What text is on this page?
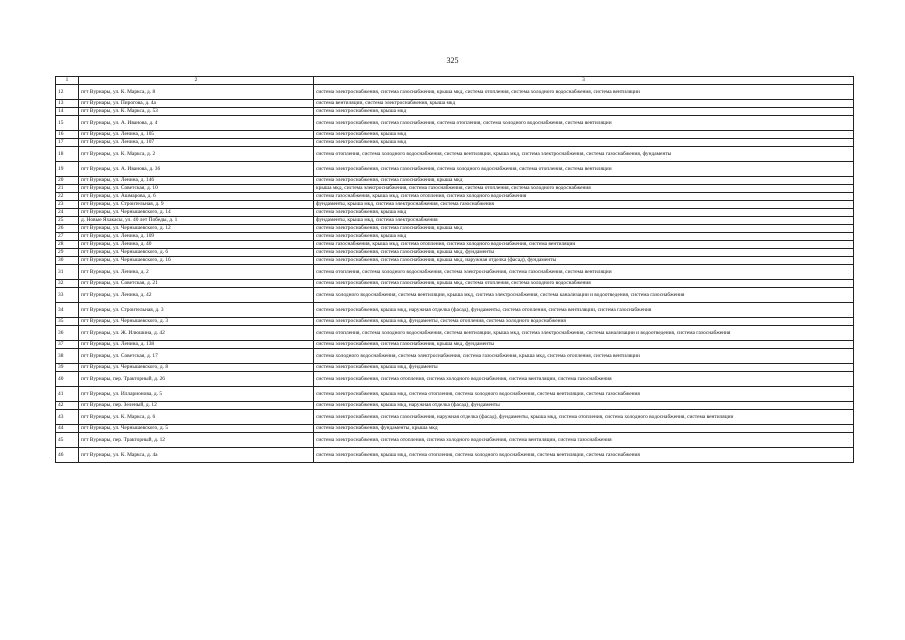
325
1	2	3
12	пгт Вурнары, ул. К. Маркса, д. 8	система электроснабжения, система газоснабжения, крыша мкд, система отопления, система холодного водоснабжения, система вентиляции
13	пгт Вурнары, ул. Пирогова, д. 4а	система вентиляции, система электроснабжения, крыша мкд
14	пгт Вурнары, ул. К. Маркса, д. 53	система электроснабжения, крыша мкд
15	пгт Вурнары, ул. А. Иванова, д. 4	система электроснабжения, система газоснабжения, система отопления, система холодного водоснабжения, система вентиляции
16	пгт Вурнары, ул. Ленина, д. 105	система электроснабжения, крыша мкд
17	пгт Вурнары, ул. Ленина, д. 107	система электроснабжения, крыша мкд
18	пгт Вурнары, ул. К. Маркса, д. 2	система отопления, система холодного водоснабжения, система вентиляции, крыша мкд, система электроснабжения, система газоснабжения, фундаменты
19	пгт Вурнары, ул. А. Иванова, д. 36	система электроснабжения, система газоснабжения, система холодного водоснабжения, система отопления, система вентиляции
20	пгт Вурнары, ул. Ленина, д. 146	система электроснабжения, система газоснабжения, крыша мкд
21	пгт Вурнары, ул. Советская, д. 10	крыша мкд, система электроснабжения, система газоснабжения, система отопления, система холодного водоснабжения
22	пгт Вурнары, ул. Ашмарова, д. 6	система газоснабжения, крыша мкд, система отопления, система холодного водоснабжения
23	пгт Вурнары, ул. Строительная, д. 9	фундаменты, крыша мкд, система электроснабжения, система газоснабжения
24	пгт Вурнары, ул. Чернышевского, д. 14	система электроснабжения, крыша мкд
25	д. Новые Яхакасы, ул. 40 лет Победы, д. 1	фундаменты, крыша мкд, система электроснабжения
26	пгт Вурнары, ул. Чернышевского, д. 12	система электроснабжения, система газоснабжения, крыша мкд
27	пгт Вурнары, ул. Ленина, д. 109	система электроснабжения, крыша мкд
28	пгт Вурнары, ул. Ленина, д. 40	система газоснабжения, крыша мкд, система отопления, система холодного водоснабжения, система вентиляции
29	пгт Вурнары, ул. Чернышевского, д. 6	система электроснабжения, система газоснабжения, крыша мкд, фундаменты
30	пгт Вурнары, ул. Чернышевского, д. 16	система электроснабжения, система газоснабжения, крыша мкд, наружная отделка (фасад), фундаменты
31	пгт Вурнары, ул. Ленина, д. 2	система отопления, система холодного водоснабжения, система электроснабжения, система газоснабжения, система вентиляции
32	пгт Вурнары, ул. Советская, д. 21	система электроснабжения, система газоснабжения, крыша мкд, система отопления, система холодного водоснабжения
33	пгт Вурнары, ул. Ленина, д. 42	система холодного водоснабжения, система вентиляции, крыша мкд, система электроснабжения, система канализации и водоотведения, система газоснабжения
34	пгт Вурнары, ул. Строительная, д. 3	система электроснабжения, крыша мкд, наружная отделка (фасад), фундаменты, система отопления, система вентиляции, система газоснабжения
35	пгт Вурнары, ул. Чернышевского, д. 3	система электроснабжения, крыша мкд, фундаменты, система отопления, система холодного водоснабжения
36	пгт Вурнары, ул. Ж. Илюшина, д. 42	система отопления, система холодного водоснабжения, система вентиляции, крыша мкд, система электроснабжения, система канализации и водоотведения, система газоснабжения
37	пгт Вурнары, ул. Ленина, д. 138	система электроснабжения, система газоснабжения, крыша мкд, фундаменты
38	пгт Вурнары, ул. Советская, д. 17	система холодного водоснабжения, система электроснабжения, система газоснабжения, крыша мкд, система отопления, система вентиляции
39	пгт Вурнары, ул. Чернышевского, д. 8	система электроснабжения, крыша мкд, фундаменты
40	пгт Вурнары, пер. Тракторный, д. 26	система электроснабжения, система отопления, система холодного водоснабжения, система вентиляции, система газоснабжения
41	пгт Вурнары, ул. Илларионова, д. 5	система электроснабжения, крыша мкд, система отопления, система холодного водоснабжения, система вентиляции, система газоснабжения
42	пгт Вурнары, пер. Зеленый, д. 12	система электроснабжения, крыша мкд, наружная отделка (фасад), фундаменты
43	пгт Вурнары, ул. К. Маркса, д. 6	система электроснабжения, система газоснабжения, наружная отделка (фасад), фундаменты, крыша мкд, система отопления, система холодного водоснабжения, система вентиляции
44	пгт Вурнары, ул. Чернышевского, д. 5	система электроснабжения, фундаменты, крыша мкд
45	пгт Вурнары, пер. Тракторный, д. 12	система электроснабжения, система отопления, система холодного водоснабжения, система вентиляции, система газоснабжения
46	пгт Вурнары, ул. К. Маркса, д. 4а	система электроснабжения, крыша мкд, система отопления, система холодного водоснабжения, система вентиляции, система газоснабжения
